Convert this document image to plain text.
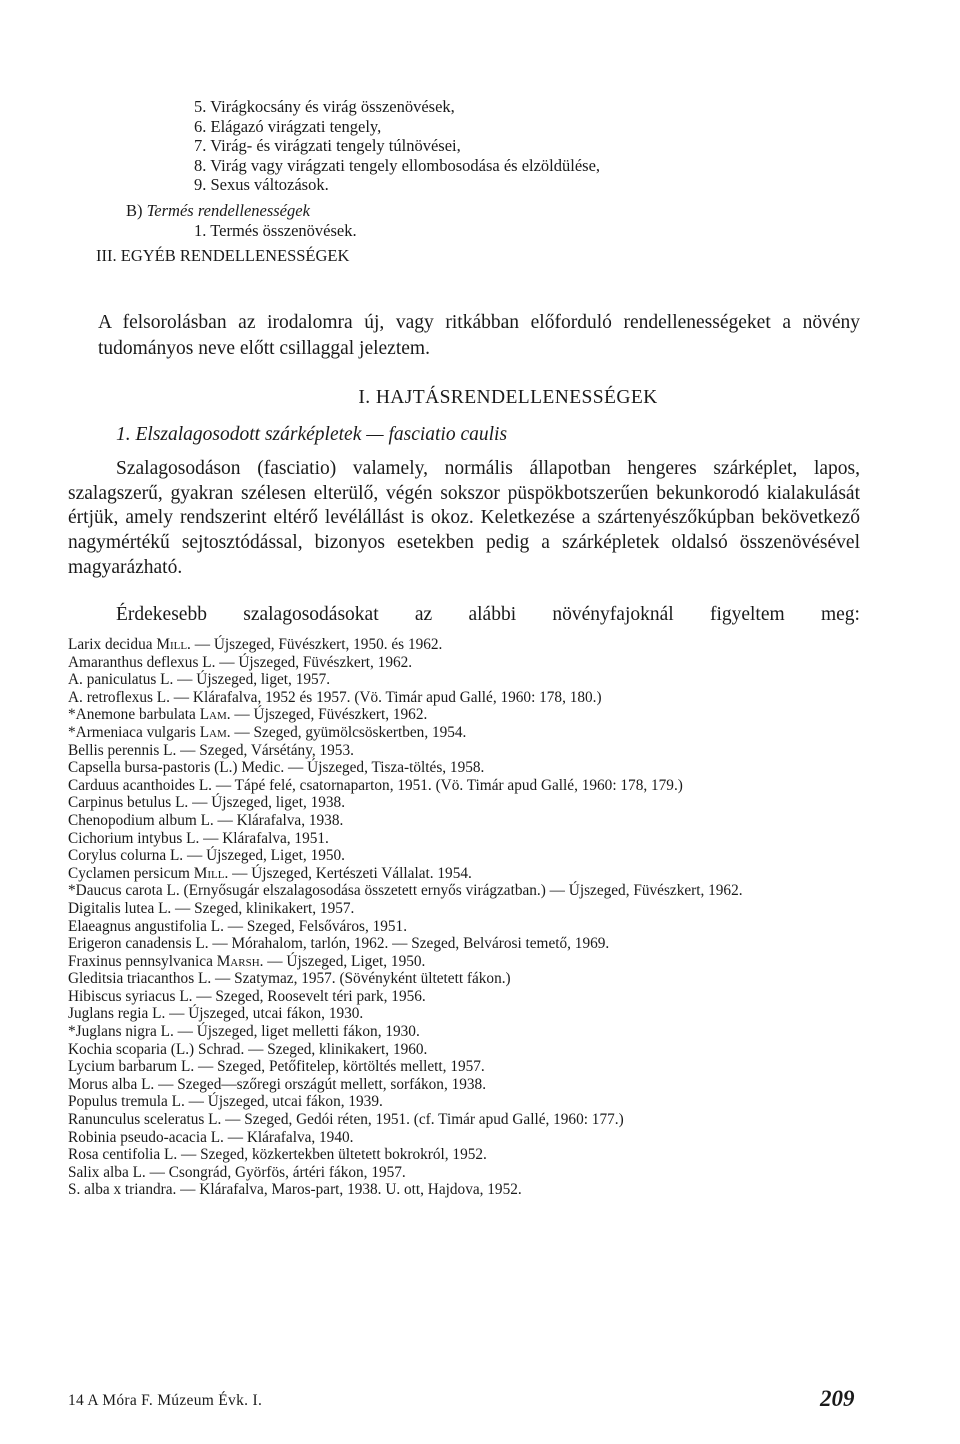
5. Virágkocsány és virág összenövések,
6. Elágazó virágzati tengely,
7. Virág- és virágzati tengely túlnövései,
8. Virág vagy virágzati tengely ellombosodása és elzöldülése,
9. Sexus változások.
B) Termés rendellenességek
1. Termés összenövések.
III. EGYÉB RENDELLENESSÉGEK
A felsorolásban az irodalomra új, vagy ritkábban előforduló rendellenességeket a növény tudományos neve előtt csillaggal jeleztem.
I. HAJTÁSRENDELLENESSÉGEK
1. Elszalagosodott szárképletek — fasciatio caulis

Szalagosodáson (fasciatio) valamely, normális állapotban hengeres szárképlet, lapos, szalagszerű, gyakran szélesen elterülő, végén sokszor püspökbotszerűen bekunkorodó kialakulását értjük, amely rendszerint eltérő levélállást is okoz. Keletkezése a szártenyészőkúpban bekövetkező nagymértékű sejtosztódással, bizonyos esetekben pedig a szárképletek oldalsó összenövésével magyarázható.

Érdekesebb szalagosodásokat az alábbi növényfajoknál figyeltem meg:
Larix decidua Mill. — Újszeged, Füvészkert, 1950. és 1962.
Amaranthus deflexus L. — Újszeged, Füvészkert, 1962.
A. paniculatus L. — Újszeged, liget, 1957.
A. retroflexus L. — Klárafalva, 1952 és 1957. (Vö. Timár apud Gallé, 1960: 178, 180.)
*Anemone barbulata Lam. — Újszeged, Füvészkert, 1962.
*Armeniaca vulgaris Lam. — Szeged, gyümölcsöskertben, 1954.
Bellis perennis L. — Szeged, Vársétány, 1953.
Capsella bursa-pastoris (L.) Medic. — Újszeged, Tisza-töltés, 1958.
Carduus acanthoides L. — Tápé felé, csatornaparton, 1951. (Vö. Timár apud Gallé, 1960: 178, 179.)
Carpinus betulus L. — Újszeged, liget, 1938.
Chenopodium album L. — Klárafalva, 1938.
Cichorium intybus L. — Klárafalva, 1951.
Corylus colurna L. — Újszeged, Liget, 1950.
Cyclamen persicum Mill. — Újszeged, Kertészeti Vállalat. 1954.
*Daucus carota L. (Ernyősugár elszalagosodása összetett ernyős virágzatban.) — Újszeged, Füvészkert, 1962.
Digitalis lutea L. — Szeged, klinikakert, 1957.
Elaeagnus angustifolia L. — Szeged, Felsőváros, 1951.
Erigeron canadensis L. — Mórahalom, tarlón, 1962. — Szeged, Belvárosi temető, 1969.
Fraxinus pennsylvanica Marsh. — Újszeged, Liget, 1950.
Gleditsia triacanthos L. — Szatymaz, 1957. (Sövényként ültetett fákon.)
Hibiscus syriacus L. — Szeged, Roosevelt téri park, 1956.
Juglans regia L. — Újszeged, utcai fákon, 1930.
*Juglans nigra L. — Újszeged, liget melletti fákon, 1930.
Kochia scoparia (L.) Schrad. — Szeged, klinikakert, 1960.
Lycium barbarum L. — Szeged, Petőfitelep, körtöltés mellett, 1957.
Morus alba L. — Szeged—szőregi országút mellett, sorfákon, 1938.
Populus tremula L. — Újszeged, utcai fákon, 1939.
Ranunculus sceleratus L. — Szeged, Gedói réten, 1951. (cf. Timár apud Gallé, 1960: 177.)
Robinia pseudo-acacia L. — Klárafalva, 1940.
Rosa centifolia L. — Szeged, közkertekben ültetett bokrokról, 1952.
Salix alba L. — Csongrád, Györfös, ártéri fákon, 1957.
S. alba x triandra. — Klárafalva, Maros-part, 1938. U. ott, Hajdova, 1952.
14 A Móra F. Múzeum Évk. I.	209
